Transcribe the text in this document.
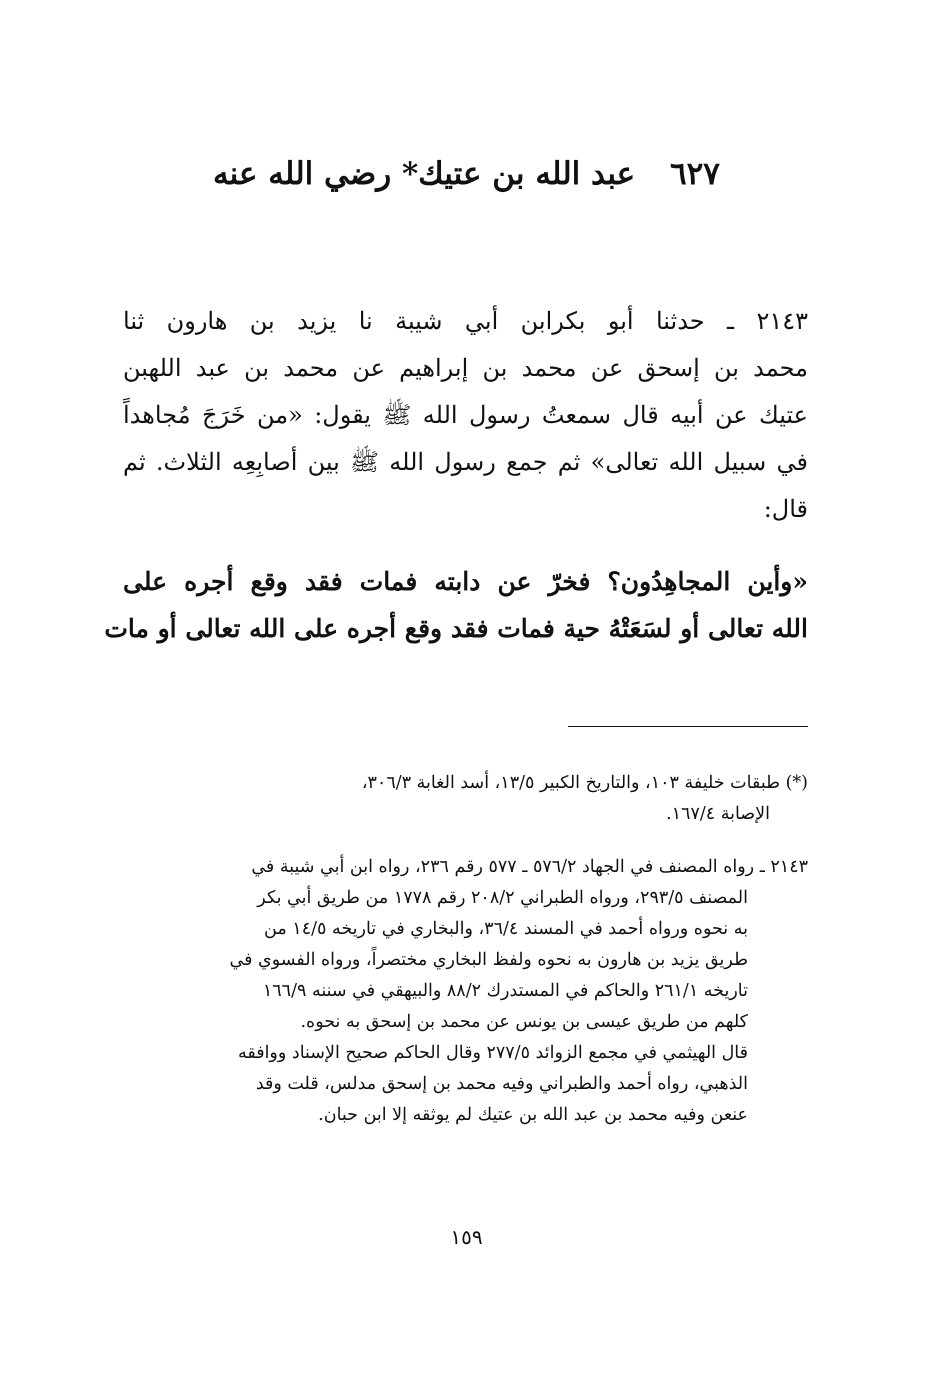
٦٢٧ عبد الله بن عتيك* رضي الله عنه
٢١٤٣ ـ حدثنا أبو بكرابن أبي شيبة نا يزيد بن هارون ثنا
محمد بن إسحق عن محمد بن إبراهيم عن محمد بن عبد اللهبن
عتيك عن أبيه قال سمعتُ رسول الله ﷺ يقول: «من خَرَجَ مُجاهداً
في سبيل الله تعالى» ثم جمع رسول الله ﷺ بين أصابِعِه الثلاث. ثم
قال:
«وأين المجاهِدُون؟ فخرّ عن دابته فمات فقد وقع أجره على
الله تعالى أو لسَعَتْهُ حية فمات فقد وقع أجره على الله تعالى أو مات
(*) طبقات خليفة ١٠٣، والتاريخ الكبير ١٣/٥، أسد الغابة ٣٠٦/٣،
الإصابة ١٦٧/٤.
٢١٤٣ ـ رواه المصنف في الجهاد ٥٧٦/٢ ـ ٥٧٧ رقم ٢٣٦، رواه ابن أبي شيبة في
المصنف ٢٩٣/٥، ورواه الطبراني ٢٠٨/٢ رقم ١٧٧٨ من طريق أبي بكر
به نحوه ورواه أحمد في المسند ٣٦/٤، والبخاري في تاريخه ١٤/٥ من
طريق يزيد بن هارون به نحوه ولفظ البخاري مختصراً، ورواه الفسوي في
تاريخه ٢٦١/١ والحاكم في المستدرك ٨٨/٢ والبيهقي في سننه ١٦٦/٩
كلهم من طريق عيسى بن يونس عن محمد بن إسحق به نحوه.
قال الهيثمي في مجمع الزوائد ٢٧٧/٥ وقال الحاكم صحيح الإسناد ووافقه
الذهبي، رواه أحمد والطبراني وفيه محمد بن إسحق مدلس، قلت وقد
عنعن وفيه محمد بن عبد الله بن عتيك لم يوثقه إلا ابن حبان.
١٥٩
